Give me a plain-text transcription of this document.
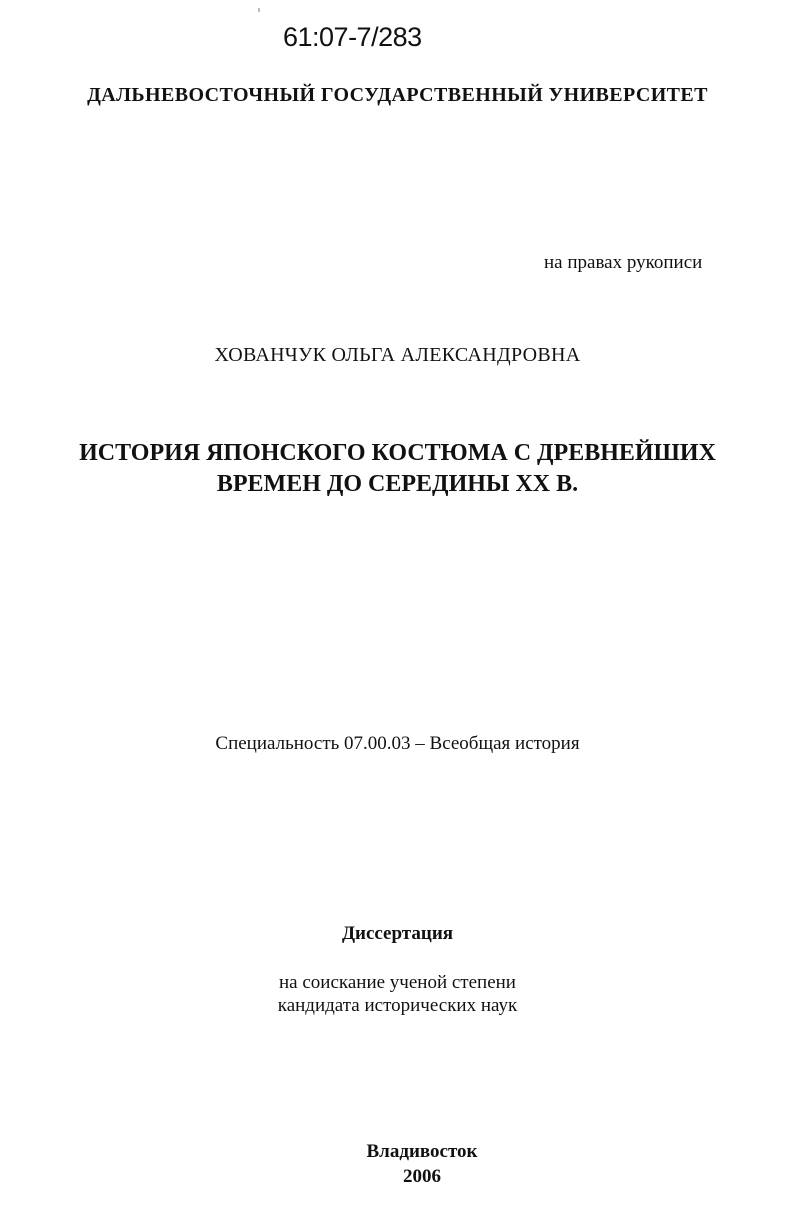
61:07-7/283
ДАЛЬНЕВОСТОЧНЫЙ ГОСУДАРСТВЕННЫЙ УНИВЕРСИТЕТ
на правах рукописи
ХОВАНЧУК ОЛЬГА АЛЕКСАНДРОВНА
ИСТОРИЯ ЯПОНСКОГО КОСТЮМА С ДРЕВНЕЙШИХ
ВРЕМЕН ДО СЕРЕДИНЫ XX В.
Специальность 07.00.03 – Всеобщая история
Диссертация
на соискание ученой степени
кандидата исторических наук
Владивосток
2006
